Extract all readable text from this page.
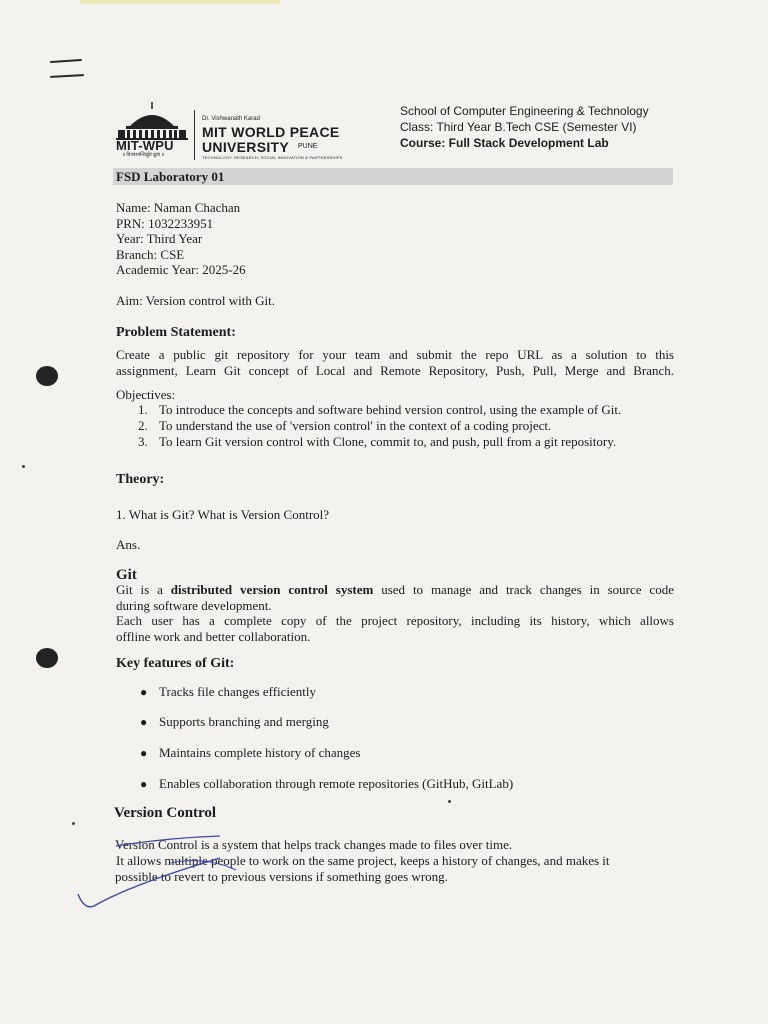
MIT-WPU
॥ विश्वशान्तिर्ध्रुवं ध्रुवा ॥
Dr. Vishwanath Karad
MIT WORLD PEACE
UNIVERSITY PUNE
TECHNOLOGY, RESEARCH, SOCIAL INNOVATION & PARTNERSHIPS
School of Computer Engineering & Technology
Class: Third Year B.Tech CSE (Semester VI)
Course: Full Stack Development Lab
FSD Laboratory 01
Name: Naman Chachan
PRN: 1032233951
Year: Third Year
Branch: CSE
Academic Year: 2025-26
Aim: Version control with Git.
Problem Statement:
Create a public git repository for your team and submit the repo URL as a solution to this
assignment, Learn Git concept of Local and Remote Repository, Push, Pull, Merge and Branch.
Objectives:
1. To introduce the concepts and software behind version control, using the example of Git.
2. To understand the use of 'version control' in the context of a coding project.
3. To learn Git version control with Clone, commit to, and push, pull from a git repository.
Theory:
1. What is Git? What is Version Control?
Ans.
Git
Git is a distributed version control system used to manage and track changes in source code
during software development.
Each user has a complete copy of the project repository, including its history, which allows
offline work and better collaboration.
Key features of Git:
● Tracks file changes efficiently
● Supports branching and merging
● Maintains complete history of changes
● Enables collaboration through remote repositories (GitHub, GitLab)
Version Control
Version Control is a system that helps track changes made to files over time.
It allows multiple people to work on the same project, keeps a history of changes, and makes it
possible to revert to previous versions if something goes wrong.
